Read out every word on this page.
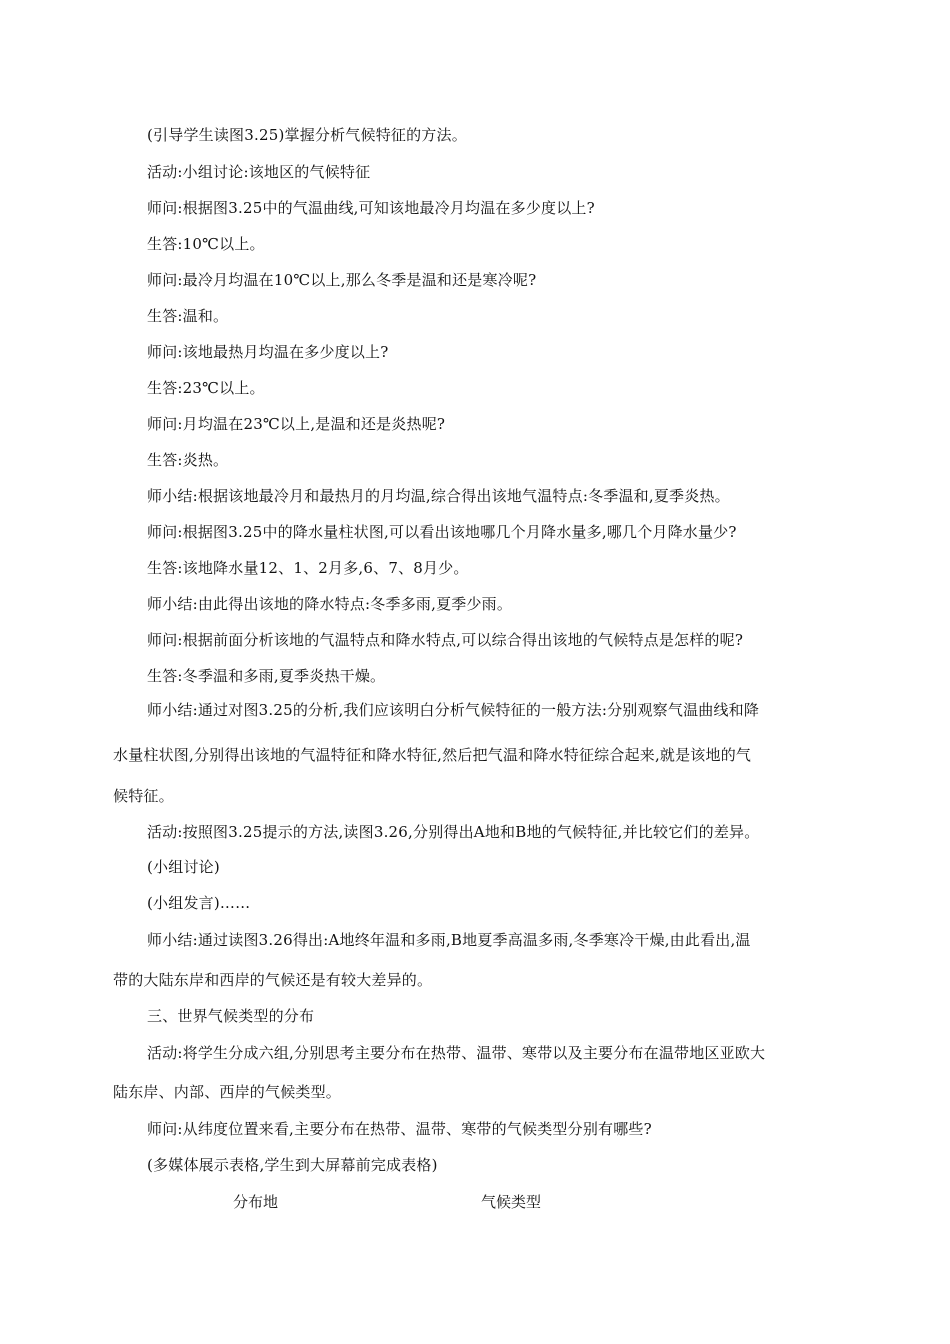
(引导学生读图3.25)掌握分析气候特征的方法。
活动:小组讨论:该地区的气候特征
师问:根据图3.25中的气温曲线,可知该地最冷月均温在多少度以上?
生答:10℃以上。
师问:最冷月均温在10℃以上,那么冬季是温和还是寒冷呢?
生答:温和。
师问:该地最热月均温在多少度以上?
生答:23℃以上。
师问:月均温在23℃以上,是温和还是炎热呢?
生答:炎热。
师小结:根据该地最冷月和最热月的月均温,综合得出该地气温特点:冬季温和,夏季炎热。
师问:根据图3.25中的降水量柱状图,可以看出该地哪几个月降水量多,哪几个月降水量少?
生答:该地降水量12、1、2月多,6、7、8月少。
师小结:由此得出该地的降水特点:冬季多雨,夏季少雨。
师问:根据前面分析该地的气温特点和降水特点,可以综合得出该地的气候特点是怎样的呢?
生答:冬季温和多雨,夏季炎热干燥。
师小结:通过对图3.25的分析,我们应该明白分析气候特征的一般方法:分别观察气温曲线和降
水量柱状图,分别得出该地的气温特征和降水特征,然后把气温和降水特征综合起来,就是该地的气
候特征。
活动:按照图3.25提示的方法,读图3.26,分别得出A地和B地的气候特征,并比较它们的差异。
(小组讨论)
(小组发言)……
师小结:通过读图3.26得出:A地终年温和多雨,B地夏季高温多雨,冬季寒冷干燥,由此看出,温
带的大陆东岸和西岸的气候还是有较大差异的。
三、世界气候类型的分布
活动:将学生分成六组,分别思考主要分布在热带、温带、寒带以及主要分布在温带地区亚欧大
陆东岸、内部、西岸的气候类型。
师问:从纬度位置来看,主要分布在热带、温带、寒带的气候类型分别有哪些?
(多媒体展示表格,学生到大屏幕前完成表格)
分布地	气候类型
